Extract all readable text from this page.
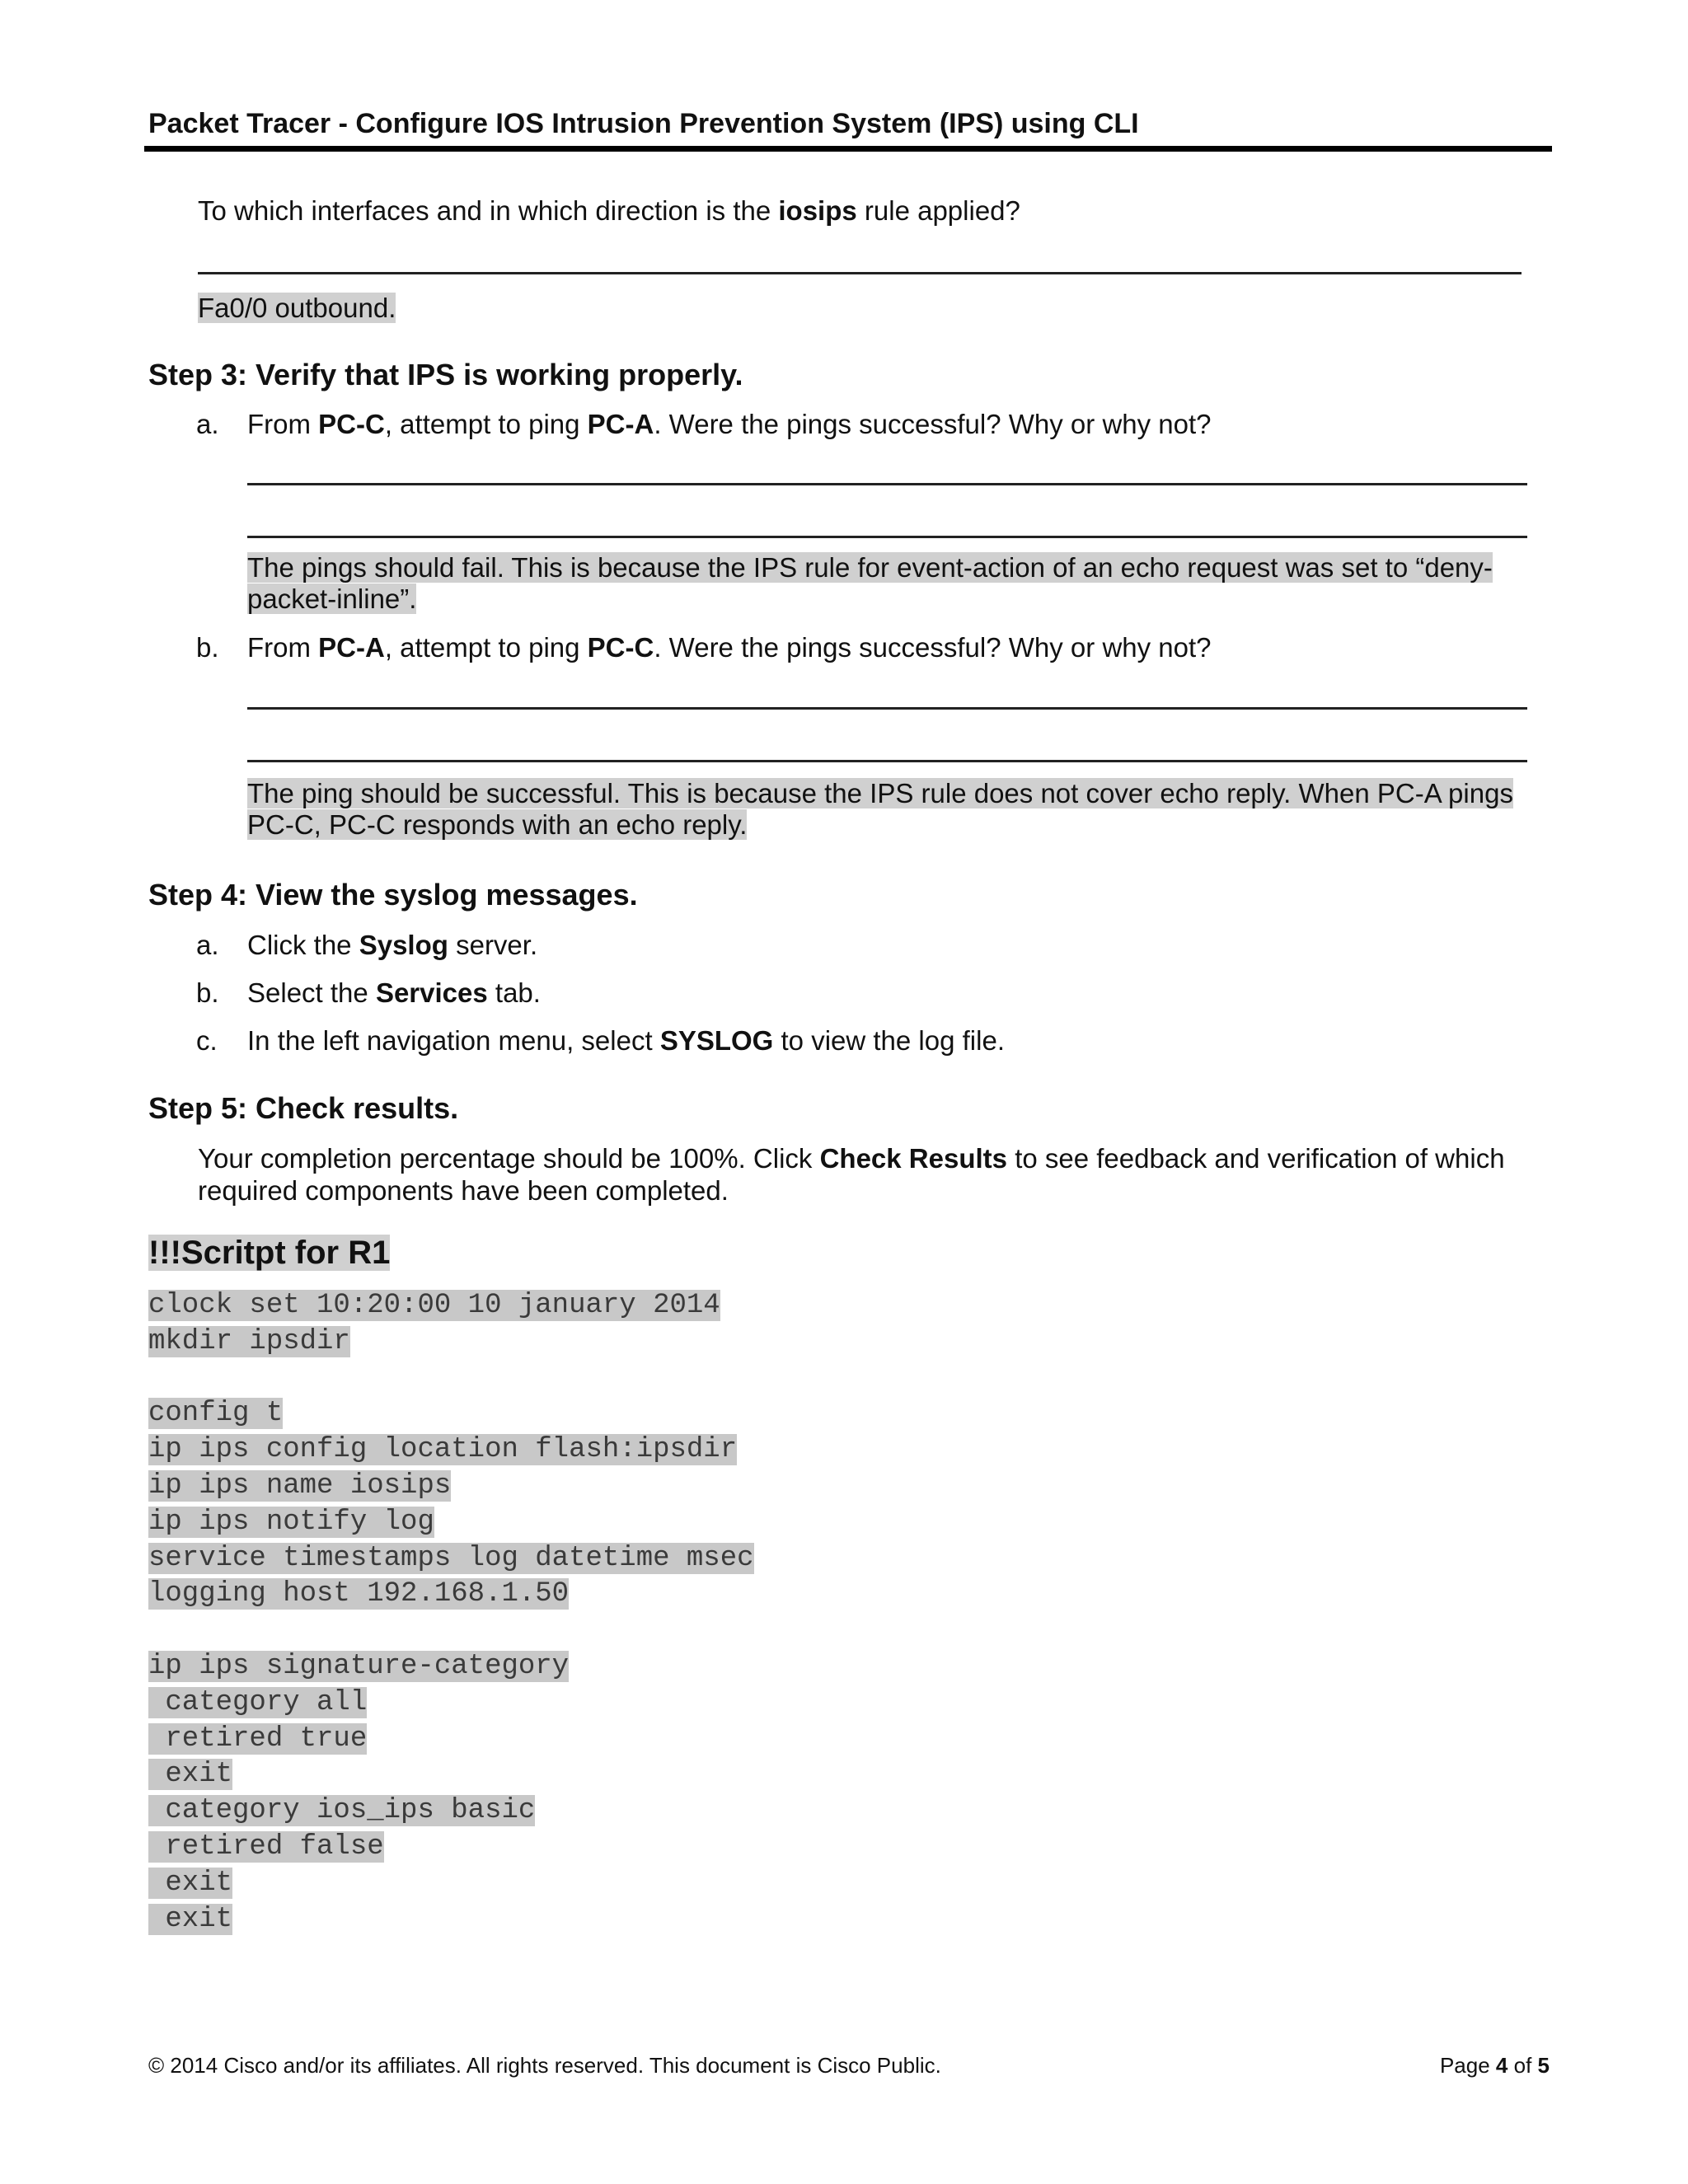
Packet Tracer - Configure IOS Intrusion Prevention System (IPS) using CLI
To which interfaces and in which direction is the iosips rule applied?
Fa0/0 outbound.
Step 3: Verify that IPS is working properly.
a. From PC-C, attempt to ping PC-A. Were the pings successful? Why or why not?
The pings should fail. This is because the IPS rule for event-action of an echo request was set to “deny-packet-inline”.
b. From PC-A, attempt to ping PC-C. Were the pings successful? Why or why not?
The ping should be successful. This is because the IPS rule does not cover echo reply. When PC-A pings PC-C, PC-C responds with an echo reply.
Step 4: View the syslog messages.
a. Click the Syslog server.
b. Select the Services tab.
c. In the left navigation menu, select SYSLOG to view the log file.
Step 5: Check results.
Your completion percentage should be 100%. Click Check Results to see feedback and verification of which required components have been completed.
!!!Scritpt for R1
clock set 10:20:00 10 january 2014
mkdir ipsdir
config t
ip ips config location flash:ipsdir
ip ips name iosips
ip ips notify log
service timestamps log datetime msec
logging host 192.168.1.50
ip ips signature-category
category all
retired true
exit
category ios_ips basic
retired false
exit
exit
© 2014 Cisco and/or its affiliates. All rights reserved. This document is Cisco Public.	Page 4 of 5
